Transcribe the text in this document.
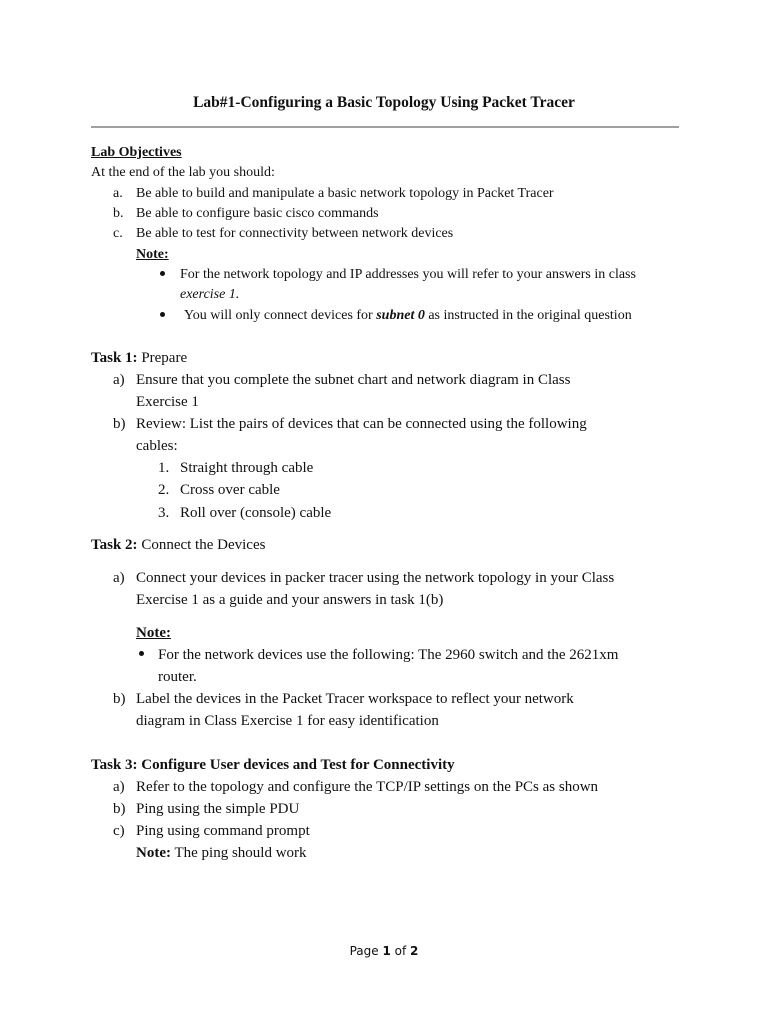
Lab#1-Configuring a Basic Topology Using Packet Tracer
Lab Objectives
At the end of the lab you should:
a. Be able to build and manipulate a basic network topology in Packet Tracer
b. Be able to configure basic cisco commands
c. Be able to test for connectivity between network devices
Note:
For the network topology and IP addresses you will refer to your answers in class
exercise 1.
You will only connect devices for subnet 0 as instructed in the original question
Task 1: Prepare
a) Ensure that you complete the subnet chart and network diagram in Class
Exercise 1
b) Review: List the pairs of devices that can be connected using the following
cables:
1. Straight through cable
2. Cross over cable
3. Roll over (console) cable
Task 2: Connect the Devices
a) Connect your devices in packer tracer using the network topology in your Class
Exercise 1 as a guide and your answers in task 1(b)
Note:
For the network devices use the following: The 2960 switch and the 2621xm
router.
b) Label the devices in the Packet Tracer workspace to reflect your network
diagram in Class Exercise 1 for easy identification
Task 3: Configure User devices and Test for Connectivity
a) Refer to the topology and configure the TCP/IP settings on the PCs as shown
b) Ping using the simple PDU
c) Ping using command prompt
Note: The ping should work
Page 1 of 2
